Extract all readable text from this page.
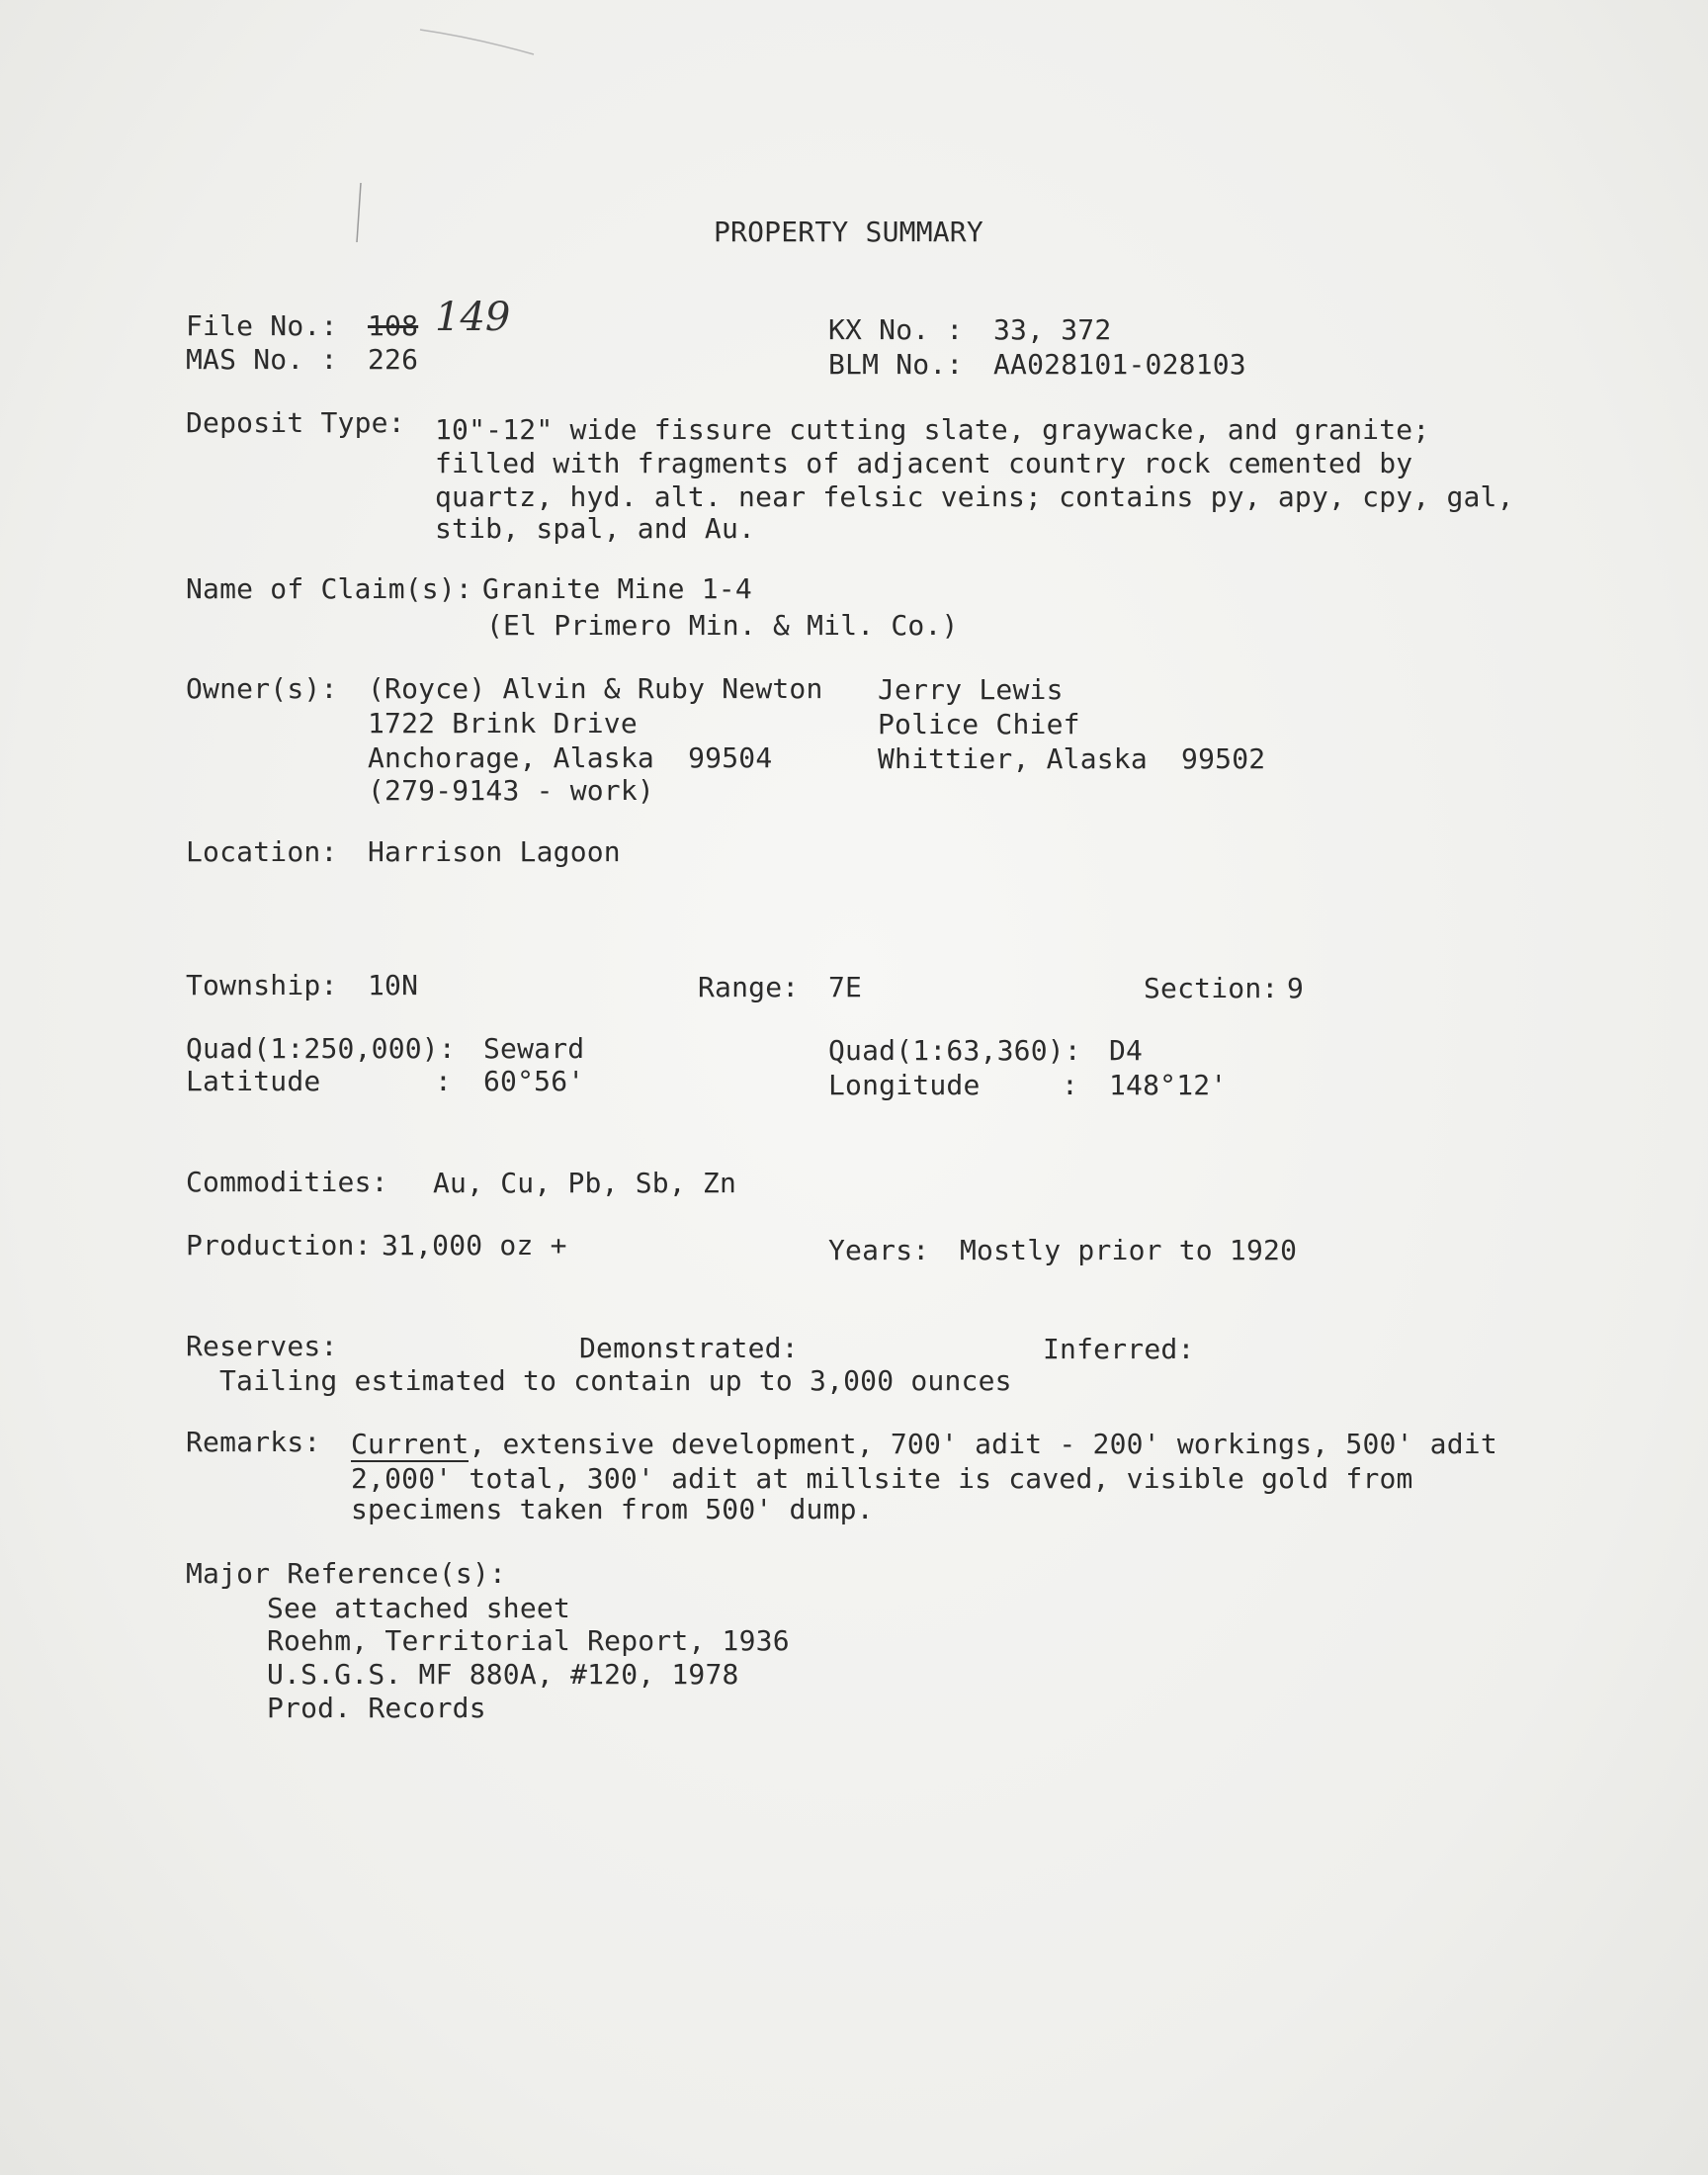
PROPERTY SUMMARY
File No.: 108 149
MAS No. : 226
KX No. : 33, 372
BLM No.: AA028101-028103
Deposit Type: 10"-12" wide fissure cutting slate, graywacke, and granite;
filled with fragments of adjacent country rock cemented by
quartz, hyd. alt. near felsic veins; contains py, apy, cpy, gal,
stib, spal, and Au.
Name of Claim(s): Granite Mine 1-4
(El Primero Min. & Mil. Co.)
Owner(s): (Royce) Alvin & Ruby Newton
1722 Brink Drive
Anchorage, Alaska  99504
(279-9143 - work)
Jerry Lewis
Police Chief
Whittier, Alaska  99502
Location: Harrison Lagoon
Township: 10N	Range: 7E	Section: 9
Quad(1:250,000): Seward
Latitude	: 60°56'
Quad(1:63,360): D4
Longitude	: 148°12'
Commodities: Au, Cu, Pb, Sb, Zn
Production: 31,000 oz +	Years: Mostly prior to 1920
Reserves:	Demonstrated:	Inferred:
Tailing estimated to contain up to 3,000 ounces
Remarks: Current, extensive development, 700' adit - 200' workings, 500' adit
2,000' total, 300' adit at millsite is caved, visible gold from
specimens taken from 500' dump.
Major Reference(s):
See attached sheet
Roehm, Territorial Report, 1936
U.S.G.S. MF 880A, #120, 1978
Prod. Records
